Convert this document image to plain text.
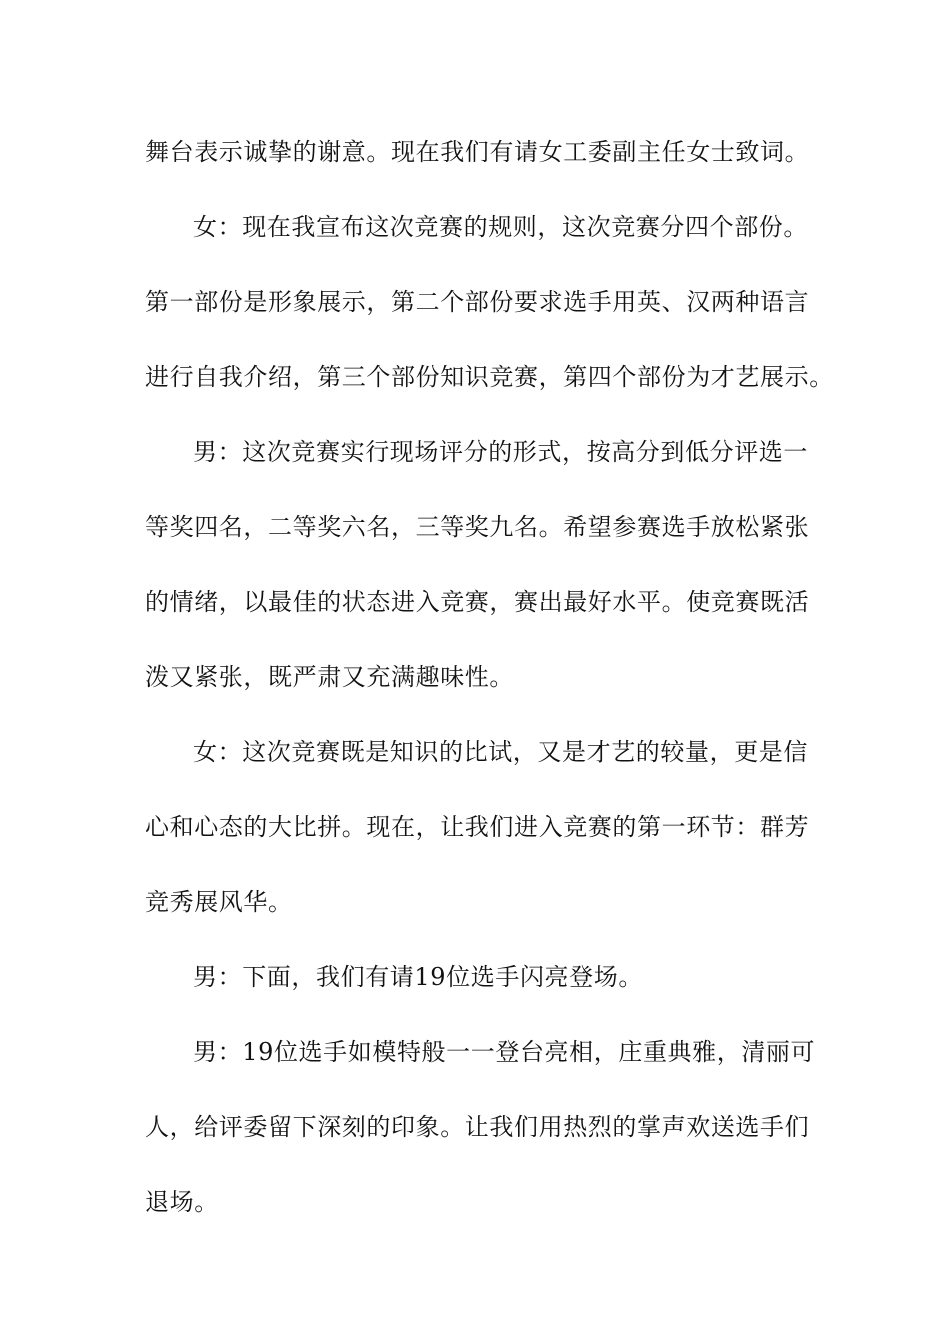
舞台表示诚挚的谢意。现在我们有请女工委副主任女士致词。
女：现在我宣布这次竞赛的规则，这次竞赛分四个部份。
第一部份是形象展示，第二个部份要求选手用英、汉两种语言
进行自我介绍，第三个部份知识竞赛，第四个部份为才艺展示。
男：这次竞赛实行现场评分的形式，按高分到低分评选一
等奖四名，二等奖六名，三等奖九名。希望参赛选手放松紧张
的情绪，以最佳的状态进入竞赛，赛出最好水平。使竞赛既活
泼又紧张，既严肃又充满趣味性。
女：这次竞赛既是知识的比试，又是才艺的较量，更是信
心和心态的大比拼。现在，让我们进入竞赛的第一环节：群芳
竞秀展风华。
男：下面，我们有请19位选手闪亮登场。
男：19位选手如模特般一一登台亮相，庄重典雅，清丽可
人，给评委留下深刻的印象。让我们用热烈的掌声欢送选手们
退场。
